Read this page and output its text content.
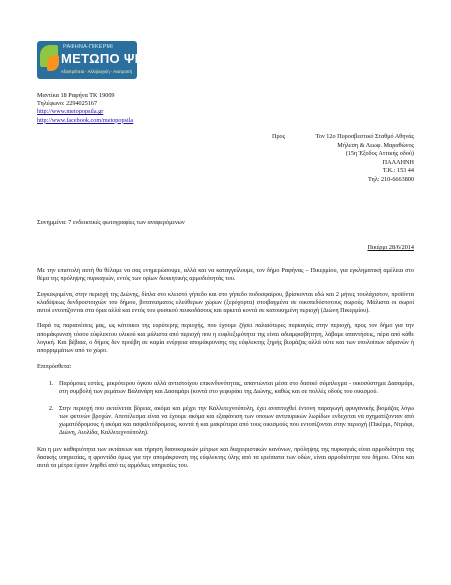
ΡΑΦΗΝΑ-ΠΙΚΕΡΜΙ
ΜΕΤΩΠΟ ΨΗΛΑ
Αξιοπρέπεια - Αλληλεγγύη - Ανατροπή
Μαντίκα 18 Ραφήνα ΤΚ 19009
Τηλέφωνο: 2294025167
http://www.metopopsila.gr
http://www.facebook.com/metopopsila
Προς	Τον 12ο Πυροσβεστικό Σταθμό Αθηνάς
Μήλεση & Λεωφ. Μαραθώνος
(15η Έξοδος Αττικής οδού)
ΠΑΛΛΗΝΗ
Τ.Κ.: 153 44
Τηλ: 210-6663800
Συνημμένα: 7 ενδεικτικές φωτογραφίες των αναφερόμενων
Πικέρμι 28/6/2014

Με την επιστολή αυτή θα θέλαμε να σας ενημερώσουμε, αλλά και να καταγγείλουμε, τον δήμο Ραφήνας – Πικερμίου, για εγκληματική αμέλεια στο θέμα της πρόληψης πυρκαγιών, εντός των ορίων διοικητικής αρμοδιότητάς του.

Συγκεκριμένα, στην περιοχή της Διώνης, δίπλα στο κλειστό γήπεδο και στο γήπεδο ποδοσφαίρου, βρίσκονται εδώ και 2 μήνες τουλάχιστον, προϊόντα κλαδέψεως δενδροστοιχιών του δήμου, βοτανισματος ελεύθερων χώρων (ξερόχορτα) στοιβαγμένα σε οικοπεδόστοτους σωρούς. Μάλιστα οι σωροί αυτοί εντοπίζονται στα όρια αλλά και εντός του φυσικού πευκοδάσους και αρκετά κοντά σε κατοικημένη περιοχή (Διώνη Πικερμίου).

Παρά τις παραινέσεις μας, ως κάτοικοι της ευρύτερης περιοχής, που έχουμε ζήσει παλαιότερες πυρκαγιές στην περιοχή, προς τον δήμο για την απομάκρυνση τόσου εύφλεκτου υλικού και μάλιστα από περιοχή που η ευφλεξιμότητα της είναι αδιαμφισβήτητη, λάβαμε απαντήσεις, πέρα από κάθε λογική. Και βέβαια, ο δήμος δεν προέβη σε καμία ενέργεια απομάκρυνσης της εύφλεκτης ξηρής βιομάζας αλλά ούτε και των υπολοίπων αδρανών ή απορριμμάτων από το χώρο.

Επιπρόσθετα:

1. Παρόμοιες εστίες, μικρότερου όγκου αλλά αντιστοίχου επικινδυνότητας, απαντώνται μέσα στο δασικό σύμπλεγμα - οικοσύστημα Δασαμάρι, στη συμβολή των ρεμάτων Βαλανάρη και Δασαμάρι (κοντά στο γεφυράκι της Διώνης, καθώς και σε πολλές οδούς του οικισμού.
2. Στην περιοχή που εκτείνεται βόρεια, ακόμα και μέχρι την Καλλιτεχνούπολη, έχει αναπτυχθεί έντονη παραγωγή φρυγανικής βιομάζας λόγω των φετινών βροχών. Αποτέλεσμα είναι να έχουμε ακόμα και εξαφάνιση των οποιων αντιπυρικών λωρίδων ενδεχεται να σχηματίζονταν από χωματόδρομους ή ακόμα και ασφαλτόδρομους, κοντά ή και μακρύτερα από τους οικισμούς που εντοπίζονται στην περιοχή (Πικέρμι, Ντράφι, Διώνη, Αιολίδα, Καλλιτεχνούπολη).

Και η μεν καθαριότητα των εκτάσεων και τήρηση δασοκομικών μέτρων και διαχειριστικών κανόνων, πρόληψης της πυρκαγιάς είναι αρμοδιότητα της δασικής υπηρεσίας, η φροντίδα όμως για την απομάκρυνση της εύφλεκτης ύλης από τα ερείπιατα των οδών, είναι αρμοδιότητα του δήμου. Ούτε και αυτά τα μέτρα έχουν ληφθεί από τις αρμόδιες υπηρεσίες του.
